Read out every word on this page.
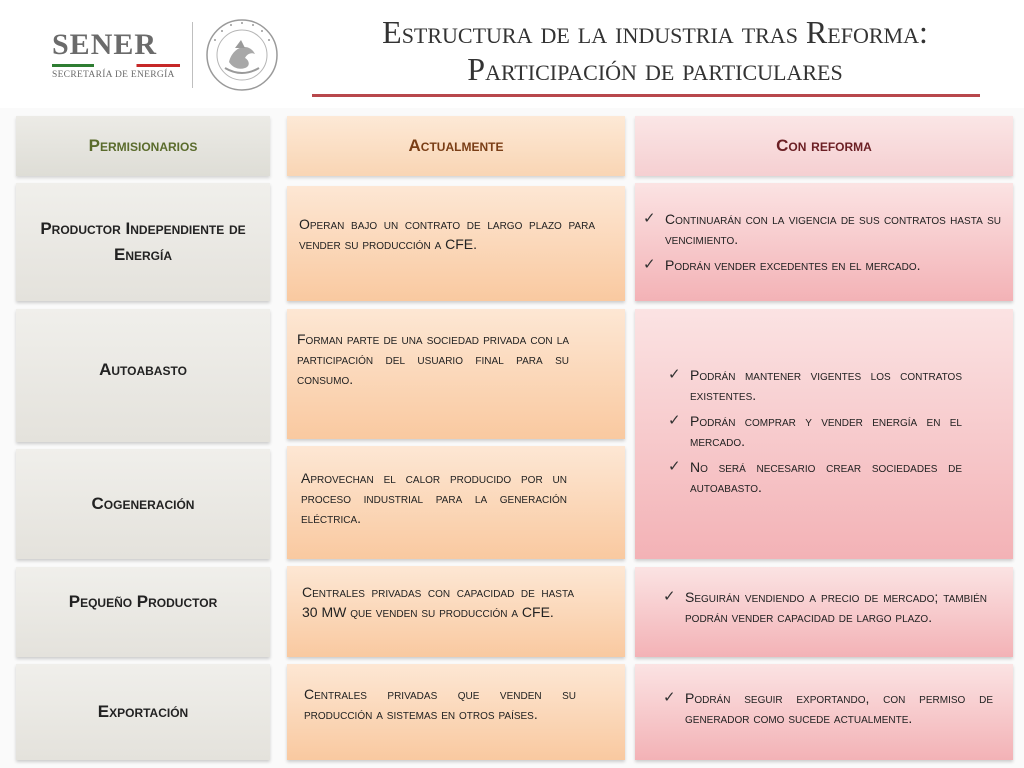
SENER
SECRETARÍA DE ENERGÍA
Estructura de la industria tras Reforma:
Participación de particulares
Permisionarios	Actualmente	Con reforma
Productor Independiente de Energía
Autoabasto
Cogeneración
Pequeño Productor
Exportación
Operan bajo un contrato de largo plazo para vender su producción a CFE.
Forman parte de una sociedad privada con la participación del usuario final para su consumo.
Aprovechan el calor producido por un proceso industrial para la generación eléctrica.
Centrales privadas con capacidad de hasta 30 MW que venden su producción a CFE.
Centrales privadas que venden su producción a sistemas en otros países.
✓ Continuarán con la vigencia de sus contratos hasta su vencimiento.
✓ Podrán vender excedentes en el mercado.
✓ Podrán mantener vigentes los contratos existentes.
✓ Podrán comprar y vender energía en el mercado.
✓ No será necesario crear sociedades de autoabasto.
✓ Seguirán vendiendo a precio de mercado; también podrán vender capacidad de largo plazo.
✓ Podrán seguir exportando, con permiso de generador como sucede actualmente.
